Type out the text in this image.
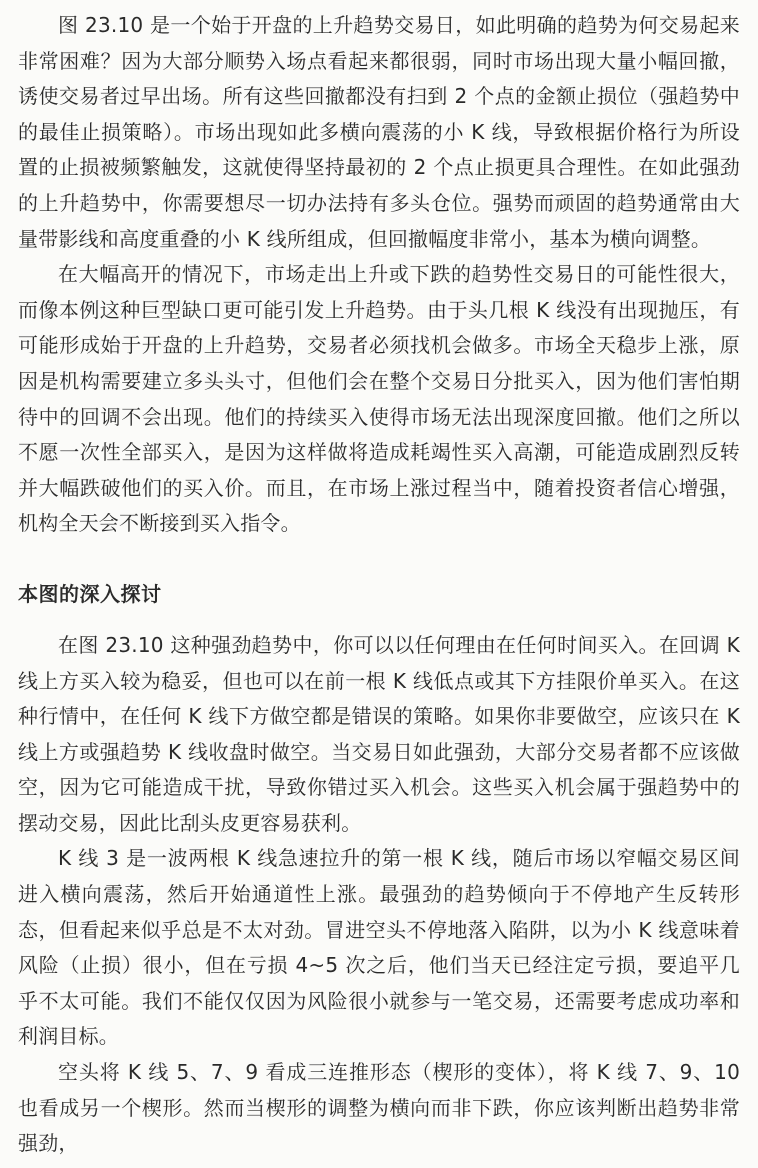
图 23.10 是一个始于开盘的上升趋势交易日，如此明确的趋势为何交易起来非常困难？因为大部分顺势入场点看起来都很弱，同时市场出现大量小幅回撤，诱使交易者过早出场。所有这些回撤都没有扫到 2 个点的金额止损位（强趋势中的最佳止损策略）。市场出现如此多横向震荡的小 K 线，导致根据价格行为所设置的止损被频繁触发，这就使得坚持最初的 2 个点止损更具合理性。在如此强劲的上升趋势中，你需要想尽一切办法持有多头仓位。强势而顽固的趋势通常由大量带影线和高度重叠的小 K 线所组成，但回撤幅度非常小，基本为横向调整。

在大幅高开的情况下，市场走出上升或下跌的趋势性交易日的可能性很大，而像本例这种巨型缺口更可能引发上升趋势。由于头几根 K 线没有出现抛压，有可能形成始于开盘的上升趋势，交易者必须找机会做多。市场全天稳步上涨，原因是机构需要建立多头头寸，但他们会在整个交易日分批买入，因为他们害怕期待中的回调不会出现。他们的持续买入使得市场无法出现深度回撤。他们之所以不愿一次性全部买入，是因为这样做将造成耗竭性买入高潮，可能造成剧烈反转并大幅跌破他们的买入价。而且，在市场上涨过程当中，随着投资者信心增强，机构全天会不断接到买入指令。

本图的深入探讨

在图 23.10 这种强劲趋势中，你可以以任何理由在任何时间买入。在回调 K 线上方买入较为稳妥，但也可以在前一根 K 线低点或其下方挂限价单买入。在这种行情中，在任何 K 线下方做空都是错误的策略。如果你非要做空，应该只在 K 线上方或强趋势 K 线收盘时做空。当交易日如此强劲，大部分交易者都不应该做空，因为它可能造成干扰，导致你错过买入机会。这些买入机会属于强趋势中的摆动交易，因此比刮头皮更容易获利。

K 线 3 是一波两根 K 线急速拉升的第一根 K 线，随后市场以窄幅交易区间进入横向震荡，然后开始通道性上涨。最强劲的趋势倾向于不停地产生反转形态，但看起来似乎总是不太对劲。冒进空头不停地落入陷阱，以为小 K 线意味着风险（止损）很小，但在亏损 4~5 次之后，他们当天已经注定亏损，要追平几乎不太可能。我们不能仅仅因为风险很小就参与一笔交易，还需要考虑成功率和利润目标。

空头将 K 线 5、7、9 看成三连推形态（楔形的变体），将 K 线 7、9、10 也看成另一个楔形。然而当楔形的调整为横向而非下跌，你应该判断出趋势非常强劲，
